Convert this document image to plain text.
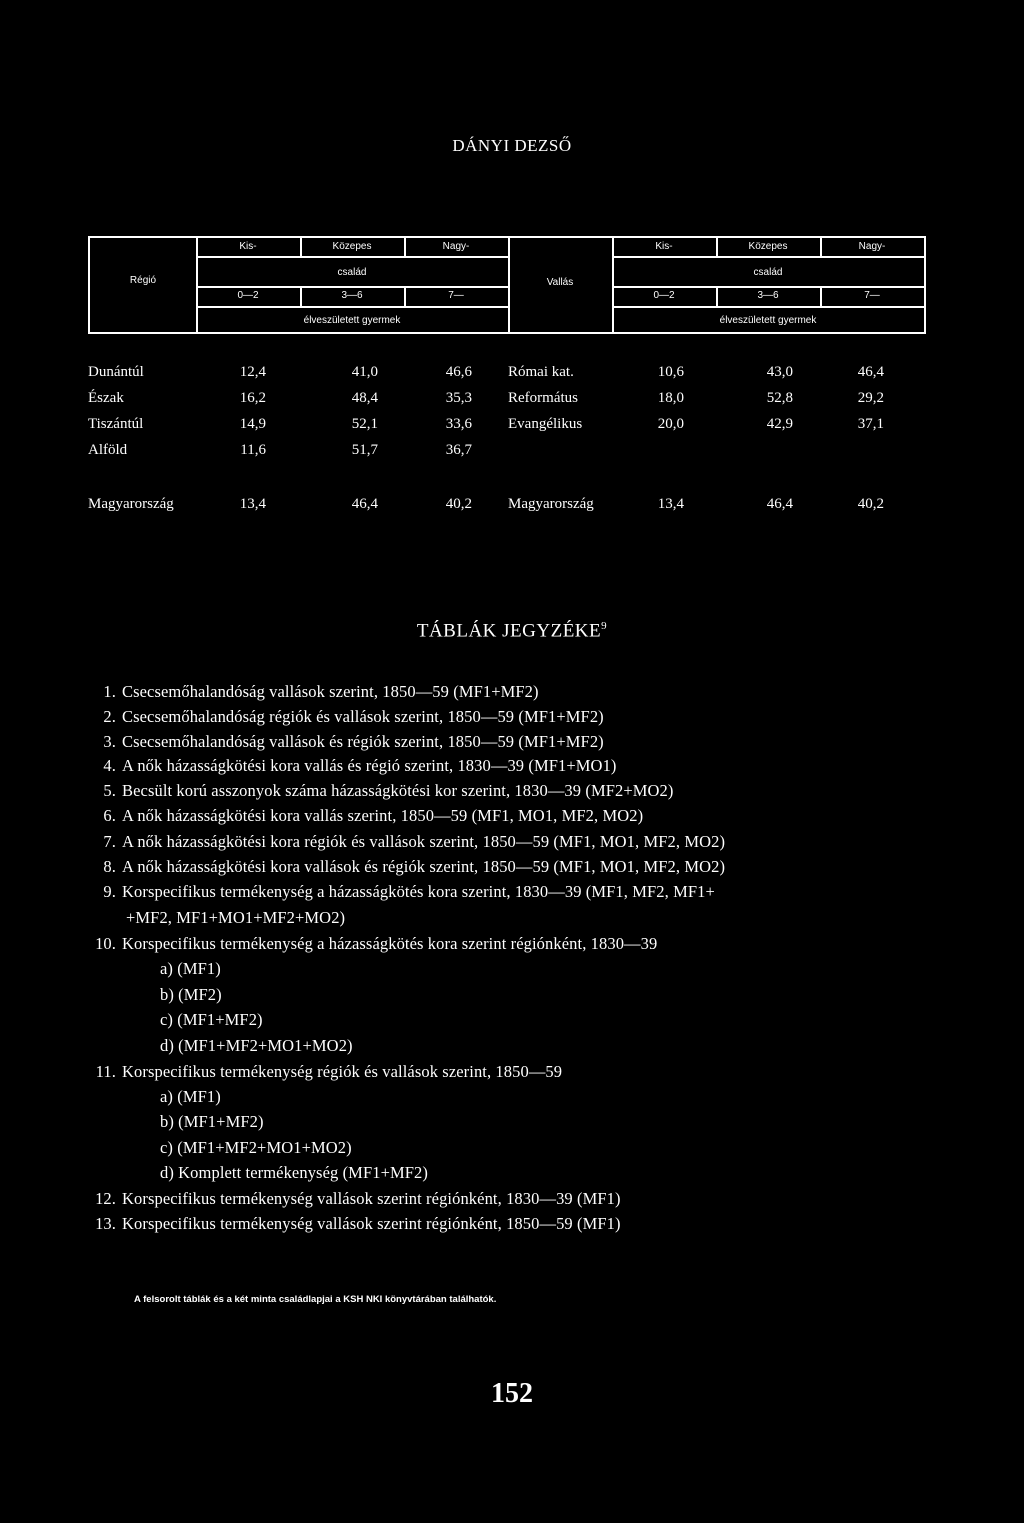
DÁNYI DEZSŐ
Régió	Vallás
Kis-	Közepes	Nagy-	Kis-	Közepes	Nagy-
család	család
0—2	3—6	7—	0—2	3—6	7—
élveszületett gyermek	élveszületett gyermek
Dunántúl	12,4	41,0	46,6 Római kat.	10,6	43,0	46,4
Észak	16,2	48,4	35,3 Református	18,0	52,8	29,2
Tiszántúl	14,9	52,1	33,6 Evangélikus	20,0	42,9	37,1
Alföld	11,6	51,7	36,7
Magyarország	13,4	46,4	40,2 Magyarország	13,4	46,4	40,2
TÁBLÁK JEGYZÉKE$^9$
1. Csecsemőhalandóság vallások szerint, 1850—59 (MF1+MF2)
2. Csecsemőhalandóság régiók és vallások szerint, 1850—59 (MF1+MF2)
3. Csecsemőhalandóság vallások és régiók szerint, 1850—59 (MF1+MF2)
4. A nők házasságkötési kora vallás és régió szerint, 1830—39 (MF1+MO1)
5. Becsült korú asszonyok száma házasságkötési kor szerint, 1830—39 (MF2+MO2)
6. A nők házasságkötési kora vallás szerint, 1850—59 (MF1, MO1, MF2, MO2)
7. A nők házasságkötési kora régiók és vallások szerint, 1850—59 (MF1, MO1, MF2, MO2)
8. A nők házasságkötési kora vallások és régiók szerint, 1850—59 (MF1, MO1, MF2, MO2)
9. Korspecifikus termékenység a házasságkötés kora szerint, 1830—39 (MF1, MF2, MF1+
+MF2, MF1+MO1+MF2+MO2)
10. Korspecifikus termékenység a házasságkötés kora szerint régiónként, 1830—39
a) (MF1)
b) (MF2)
c) (MF1+MF2)
d) (MF1+MF2+MO1+MO2)
11. Korspecifikus termékenység régiók és vallások szerint, 1850—59
a) (MF1)
b) (MF1+MF2)
c) (MF1+MF2+MO1+MO2)
d) Komplett termékenység (MF1+MF2)
12. Korspecifikus termékenység vallások szerint régiónként, 1830—39 (MF1)
13. Korspecifikus termékenység vallások szerint régiónként, 1850—59 (MF1)
A felsorolt táblák és a két minta családlapjai a KSH NKI könyvtárában találhatók.
152
